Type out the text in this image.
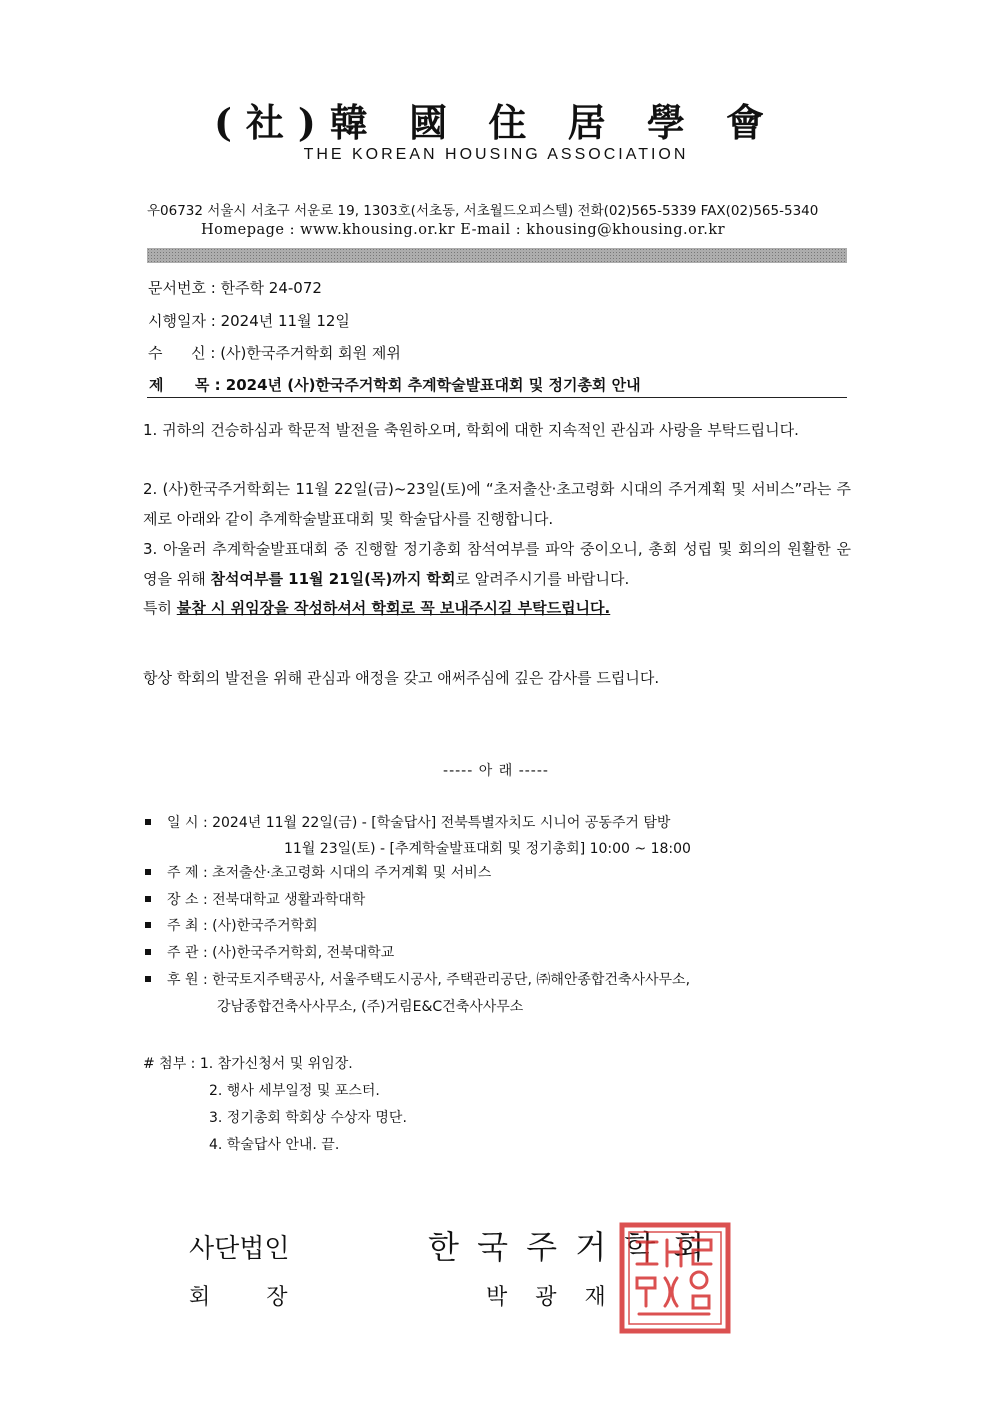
(社)韓 國 住 居 學 會
THE KOREAN HOUSING ASSOCIATION
우06732 서울시 서초구 서운로 19, 1303호(서초동, 서초월드오피스텔) 전화(02)565-5339 FAX(02)565-5340
Homepage : www.khousing.or.kr E-mail : khousing@khousing.or.kr
문서번호 : 한주학 24-072
시행일자 : 2024년 11월 12일
수      신 : (사)한국주거학회 회원 제위
제      목 : 2024년 (사)한국주거학회 추계학술발표대회 및 정기총회 안내
1. 귀하의 건승하심과 학문적 발전을 축원하오며, 학회에 대한 지속적인 관심과 사랑을 부탁드립니다.
2. (사)한국주거학회는 11월 22일(금)~23일(토)에 “초저출산·초고령화 시대의 주거계획 및 서비스”라는 주제로 아래와 같이 추계학술발표대회 및 학술답사를 진행합니다.
3. 아울러 추계학술발표대회 중 진행할 정기총회 참석여부를 파악 중이오니, 총회 성립 및 회의의 원활한 운영을 위해 참석여부를 11월 21일(목)까지 학회로 알려주시기를 바랍니다.
특히 불참 시 위임장을 작성하셔서 학회로 꼭 보내주시길 부탁드립니다.
항상 학회의 발전을 위해 관심과 애정을 갖고 애써주심에 깊은 감사를 드립니다.
----- 아 래 -----
일 시 : 2024년 11월 22일(금) - [학술답사] 전북특별자치도 시니어 공동주거 탐방
11월 23일(토) - [추계학술발표대회 및 정기총회] 10:00 ~ 18:00
주 제 : 초저출산·초고령화 시대의 주거계획 및 서비스
장 소 : 전북대학교 생활과학대학
주 최 : (사)한국주거학회
주 관 : (사)한국주거학회, 전북대학교
후 원 : 한국토지주택공사, 서울주택도시공사, 주택관리공단, ㈜해안종합건축사사무소,
강남종합건축사사무소, (주)거림E&C건축사사무소
# 첨부 : 1. 참가신청서 및 위임장.
2. 행사 세부일정 및 포스터.
3. 정기총회 학회상 수상자 명단.
4. 학술답사 안내. 끝.
사단법인	한 국 주 거 학 회
회        장	박    광    재
